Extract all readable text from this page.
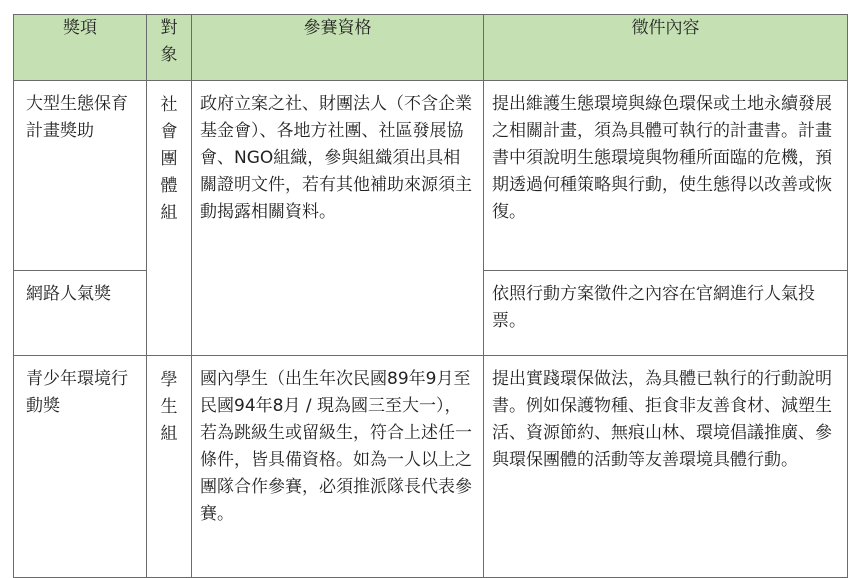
獎項	對象	參賽資格	徵件內容

大型生態保育計畫獎助	社會團體組	政府立案之社、財團法人（不含企業基金會）、各地方社團、社區發展協會、NGO組織，參與組織須出具相關證明文件，若有其他補助來源須主動揭露相關資料。	提出維護生態環境與綠色環保或土地永續發展之相關計畫，須為具體可執行的計畫書。計畫書中須說明生態環境與物種所面臨的危機，預期透過何種策略與行動，使生態得以改善或恢復。
網路人氣獎			依照行動方案徵件之內容在官網進行人氣投票。
青少年環境行動獎	學生組	國內學生（出生年次民國89年9月至民國94年8月 / 現為國三至大一），若為跳級生或留級生，符合上述任一條件，皆具備資格。如為一人以上之團隊合作參賽，必須推派隊長代表參賽。	提出實踐環保做法，為具體已執行的行動說明書。例如保護物種、拒食非友善食材、減塑生活、資源節約、無痕山林、環境倡議推廣、參與環保團體的活動等友善環境具體行動。
